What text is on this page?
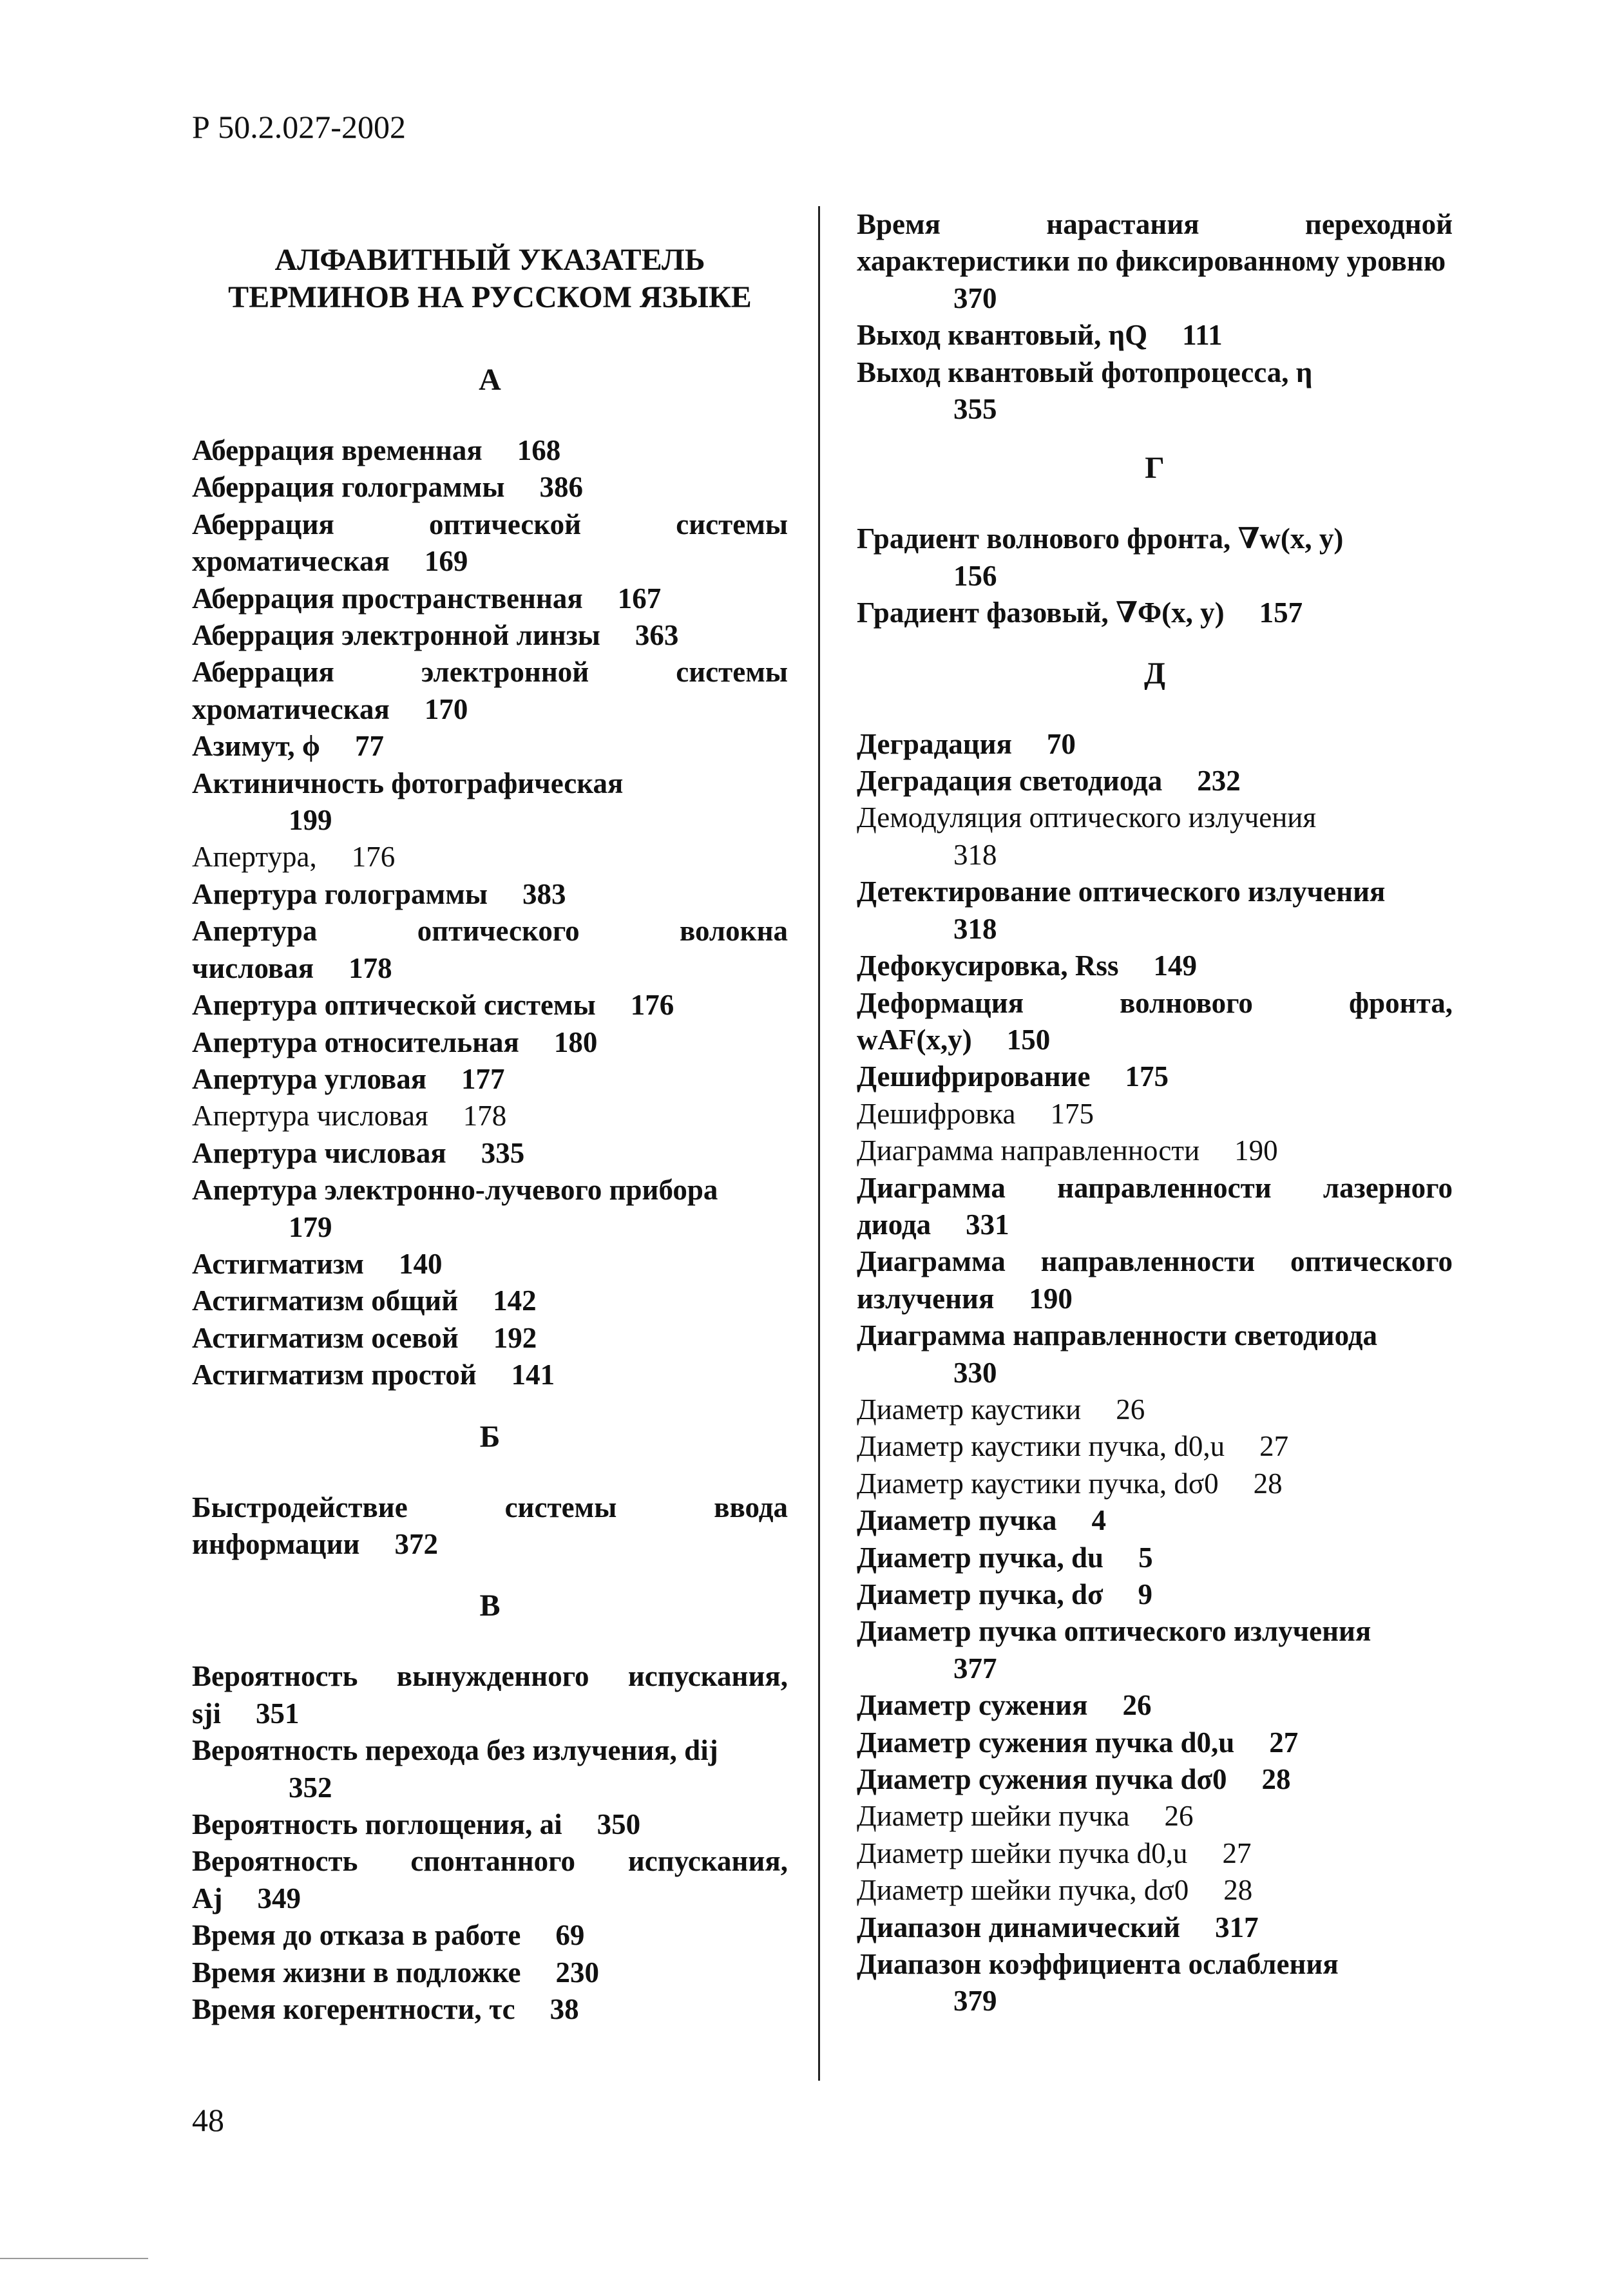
Р 50.2.027-2002
АЛФАВИТНЫЙ УКАЗАТЕЛЬ
ТЕРМИНОВ НА РУССКОМ ЯЗЫКЕ
А
Аберрация временная 168
Аберрация голограммы 386
Аберрация оптической системы хроматическая 169
Аберрация пространственная 167
Аберрация электронной линзы 363
Аберрация электронной системы хроматическая 170
Азимут, ϕ 77
Актиничность фотографическая
199
Апертура, 176
Апертура голограммы 383
Апертура оптического волокна числовая 178
Апертура оптической системы 176
Апертура относительная 180
Апертура угловая 177
Апертура числовая 178
Апертура числовая 335
Апертура электронно-лучевого прибора
179
Астигматизм 140
Астигматизм общий 142
Астигматизм осевой 192
Астигматизм простой 141
Б
Быстродействие системы ввода информации 372
В
Вероятность вынужденного испускания, sji 351
Вероятность перехода без излучения, dij
352
Вероятность поглощения, ai 350
Вероятность спонтанного испускания, Aj 349
Время до отказа в работе 69
Время жизни в подложке 230
Время когерентности, τc 38
Время нарастания переходной характеристики по фиксированному уровню
370
Выход квантовый, ηQ 111
Выход квантовый фотопроцесса, η
355
Г
Градиент волнового фронта, ∇w(x, y)
156
Градиент фазовый, ∇Φ(x, y) 157
Д
Деградация 70
Деградация светодиода 232
Демодуляция оптического излучения
318
Детектирование оптического излучения
318
Дефокусировка, Rss 149
Деформация волнового фронта, wAF(x,y) 150
Дешифрирование 175
Дешифровка 175
Диаграмма направленности 190
Диаграмма направленности лазерного диода 331
Диаграмма направленности оптического излучения 190
Диаграмма направленности светодиода
330
Диаметр каустики 26
Диаметр каустики пучка, d0,u 27
Диаметр каустики пучка, dσ0 28
Диаметр пучка 4
Диаметр пучка, du 5
Диаметр пучка, dσ 9
Диаметр пучка оптического излучения
377
Диаметр сужения 26
Диаметр сужения пучка d0,u 27
Диаметр сужения пучка dσ0 28
Диаметр шейки пучка 26
Диаметр шейки пучка d0,u 27
Диаметр шейки пучка, dσ0 28
Диапазон динамический 317
Диапазон коэффициента ослабления
379
48
